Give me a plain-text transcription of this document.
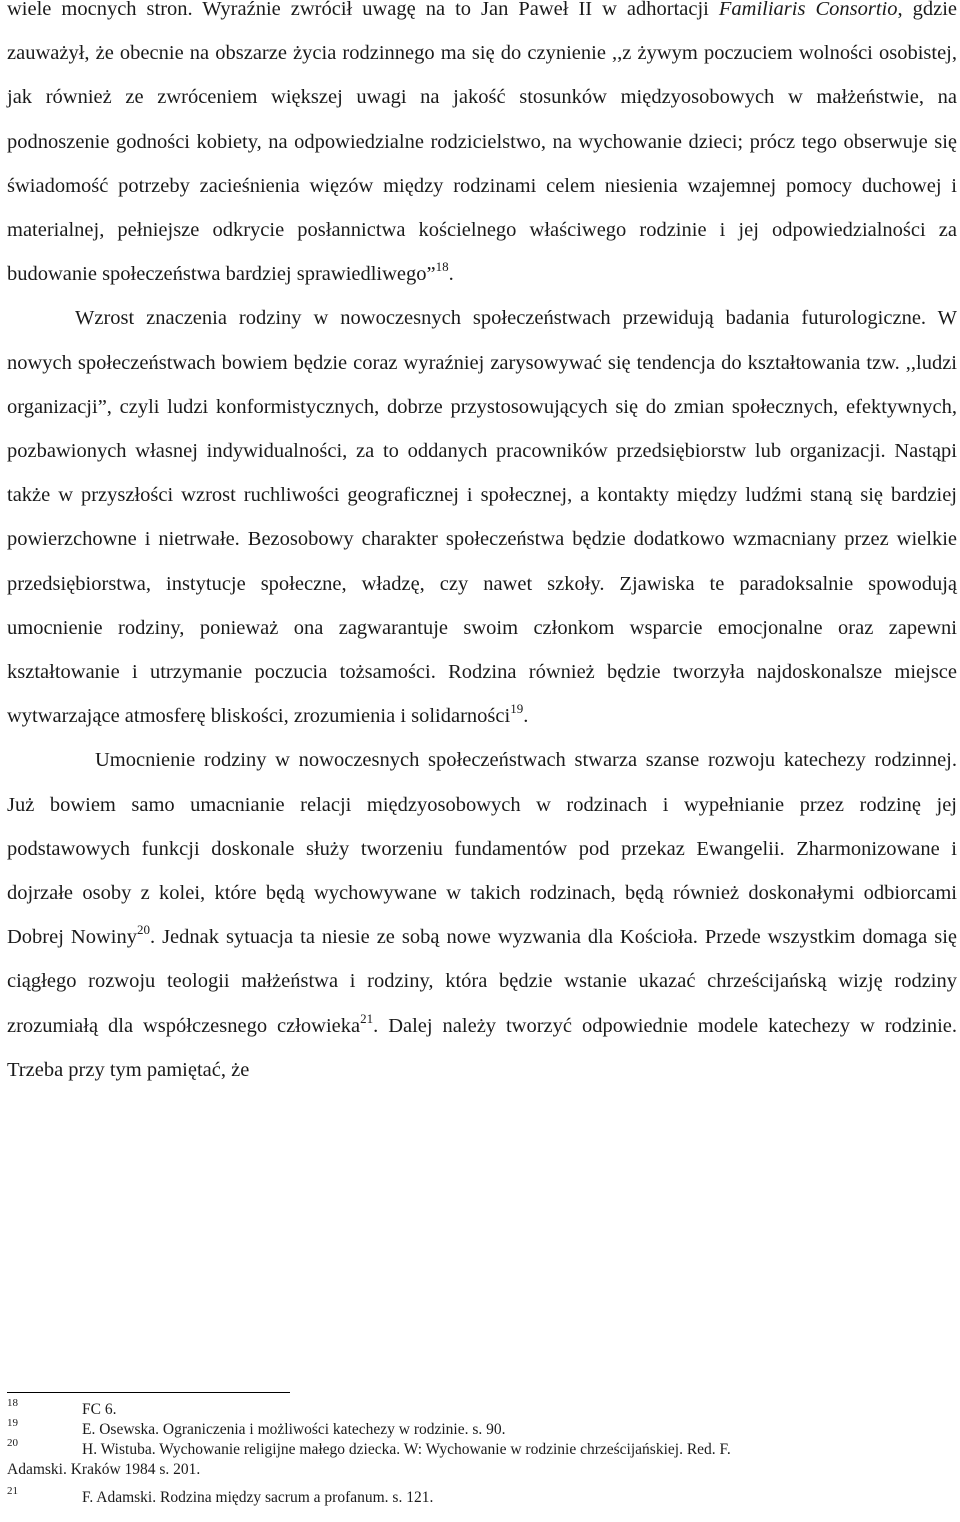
wiele mocnych stron. Wyraźnie zwrócił uwagę na to Jan Paweł II w adhortacji Familiaris Consortio, gdzie zauważył, że obecnie na obszarze życia rodzinnego ma się do czynienie ,,z żywym poczuciem wolności osobistej, jak również ze zwróceniem większej uwagi na jakość stosunków międzyosobowych w małżeństwie, na podnoszenie godności kobiety, na odpowiedzialne rodzicielstwo, na wychowanie dzieci; prócz tego obserwuje się świadomość potrzeby zacieśnienia więzów między rodzinami celem niesienia wzajemnej pomocy duchowej i materialnej, pełniejsze odkrycie posłannictwa kościelnego właściwego rodzinie i jej odpowiedzialności za budowanie społeczeństwa bardziej sprawiedliwego”$^{18}$.

Wzrost znaczenia rodziny w nowoczesnych społeczeństwach przewidują badania futurologiczne. W nowych społeczeństwach bowiem będzie coraz wyraźniej zarysowywać się tendencja do kształtowania tzw. ,,ludzi organizacji”, czyli ludzi konformistycznych, dobrze przystosowujących się do zmian społecznych, efektywnych, pozbawionych własnej indywidualności, za to oddanych pracowników przedsiębiorstw lub organizacji. Nastąpi także w przyszłości wzrost ruchliwości geograficznej i społecznej, a kontakty między ludźmi staną się bardziej powierzchowne i nietrwałe. Bezosobowy charakter społeczeństwa będzie dodatkowo wzmacniany przez wielkie przedsiębiorstwa, instytucje społeczne, władzę, czy nawet szkoły. Zjawiska te paradoksalnie spowodują umocnienie rodziny, ponieważ ona zagwarantuje swoim członkom wsparcie emocjonalne oraz zapewni kształtowanie i utrzymanie poczucia tożsamości. Rodzina również będzie tworzyła najdoskonalsze miejsce wytwarzające atmosferę bliskości, zrozumienia i solidarności$^{19}$.

Umocnienie rodziny w nowoczesnych społeczeństwach stwarza szanse rozwoju katechezy rodzinnej. Już bowiem samo umacnianie relacji międzyosobowych w rodzinach i wypełnianie przez rodzinę jej podstawowych funkcji doskonale służy tworzeniu fundamentów pod przekaz Ewangelii. Zharmonizowane i dojrzałe osoby z kolei, które będą wychowywane w takich rodzinach, będą również doskonałymi odbiorcami Dobrej Nowiny$^{20}$. Jednak sytuacja ta niesie ze sobą nowe wyzwania dla Kościoła. Przede wszystkim domaga się ciągłego rozwoju teologii małżeństwa i rodziny, która będzie wstanie ukazać chrześcijańską wizję rodziny zrozumiałą dla współczesnego człowieka$^{21}$. Dalej należy tworzyć odpowiednie modele katechezy w rodzinie. Trzeba przy tym pamiętać, że

18	FC 6.
19	E. Osewska. Ograniczenia i możliwości katechezy w rodzinie. s. 90.
20	H. Wistuba. Wychowanie religijne małego dziecka. W: Wychowanie w rodzinie chrześcijańskiej. Red. F.
Adamski. Kraków 1984 s. 201.
21	F. Adamski. Rodzina między sacrum a profanum. s. 121.
